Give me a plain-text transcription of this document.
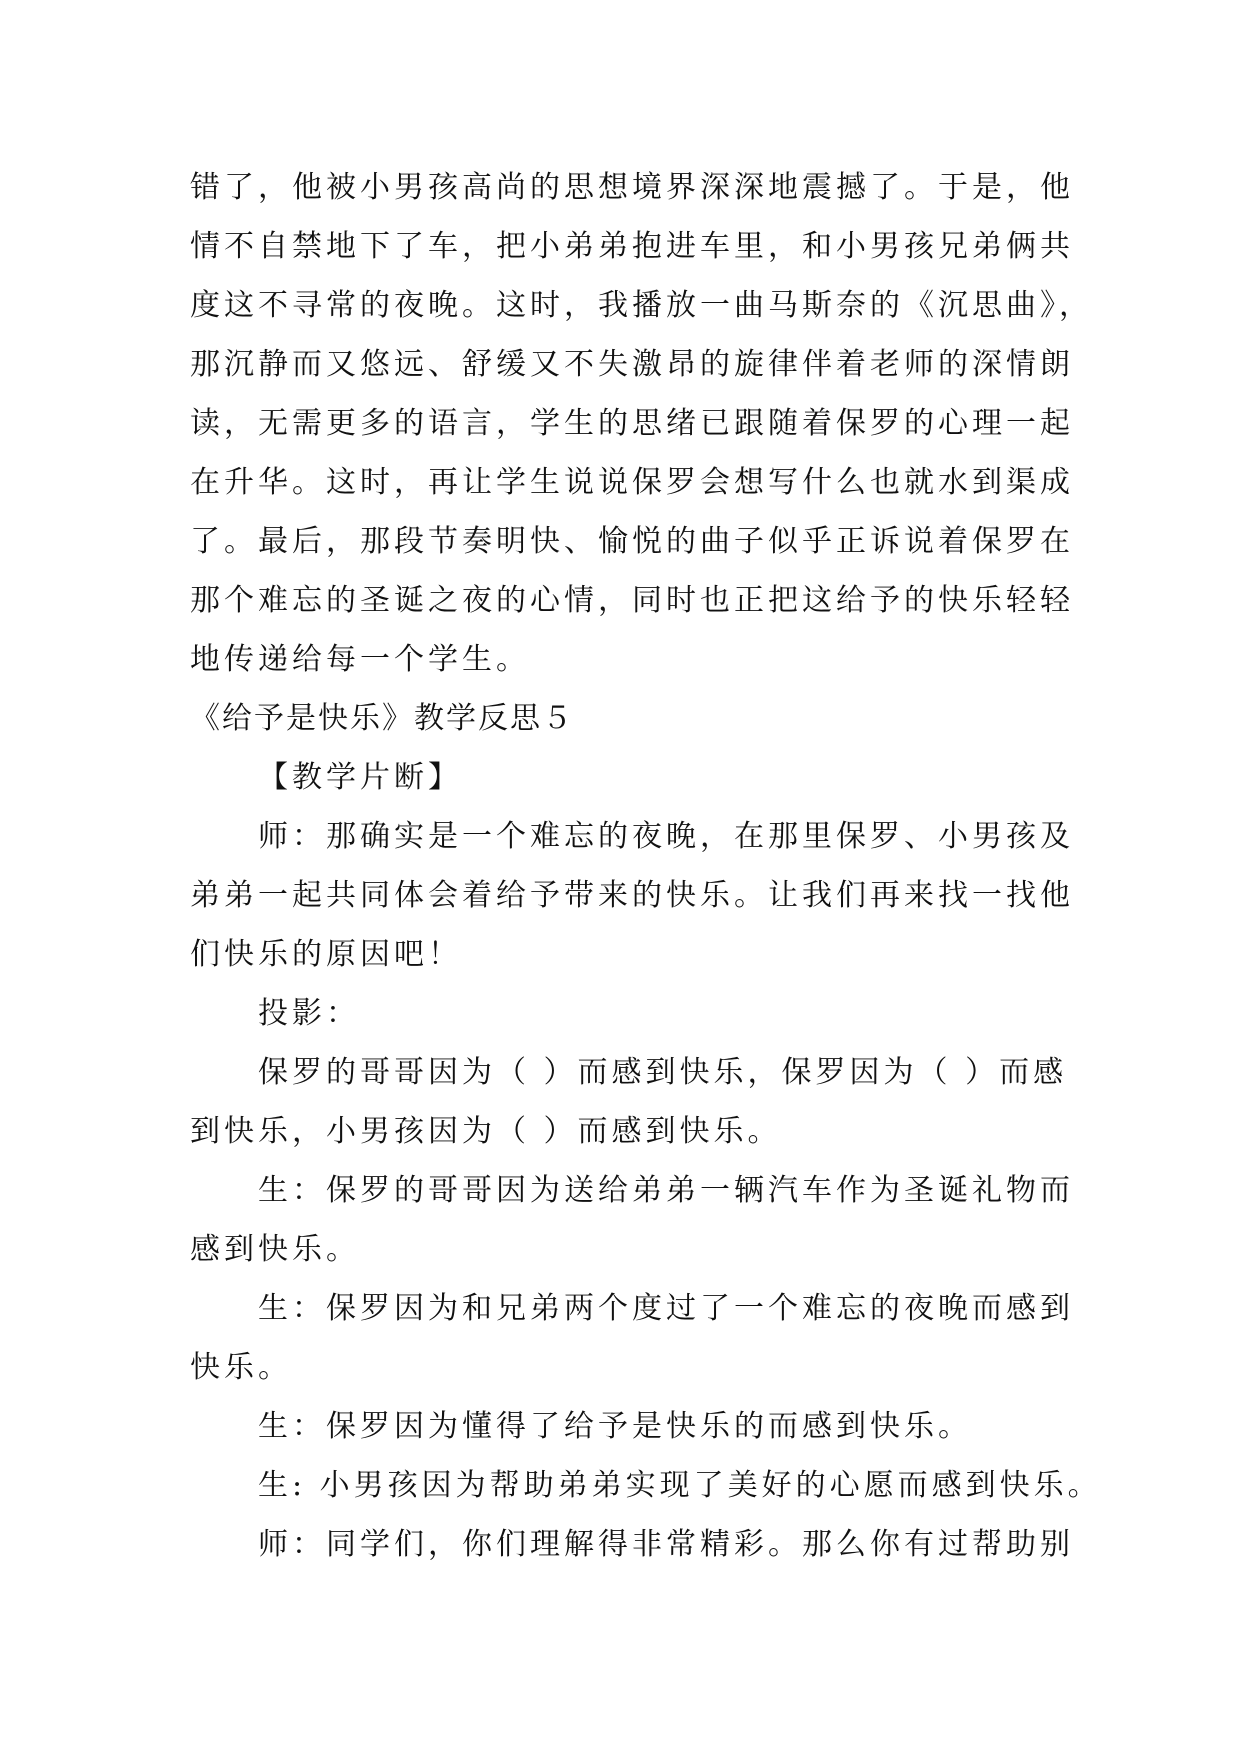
错了，他被小男孩高尚的思想境界深深地震撼了。于是，他
情不自禁地下了车，把小弟弟抱进车里，和小男孩兄弟俩共
度这不寻常的夜晚。这时，我播放一曲马斯奈的《沉思曲》，
那沉静而又悠远、舒缓又不失激昂的旋律伴着老师的深情朗
读，无需更多的语言，学生的思绪已跟随着保罗的心理一起
在升华。这时，再让学生说说保罗会想写什么也就水到渠成
了。最后，那段节奏明快、愉悦的曲子似乎正诉说着保罗在
那个难忘的圣诞之夜的心情，同时也正把这给予的快乐轻轻
地传递给每一个学生。
《给予是快乐》教学反思５
【教学片断】
师：那确实是一个难忘的夜晚，在那里保罗、小男孩及
弟弟一起共同体会着给予带来的快乐。让我们再来找一找他
们快乐的原因吧！
投影：
保罗的哥哥因为（ ）而感到快乐，保罗因为（ ）而感
到快乐，小男孩因为（ ）而感到快乐。
生：保罗的哥哥因为送给弟弟一辆汽车作为圣诞礼物而
感到快乐。
生：保罗因为和兄弟两个度过了一个难忘的夜晚而感到
快乐。
生：保罗因为懂得了给予是快乐的而感到快乐。
生: 小男孩因为帮助弟弟实现了美好的心愿而感到快乐。
师：同学们，你们理解得非常精彩。那么你有过帮助别
